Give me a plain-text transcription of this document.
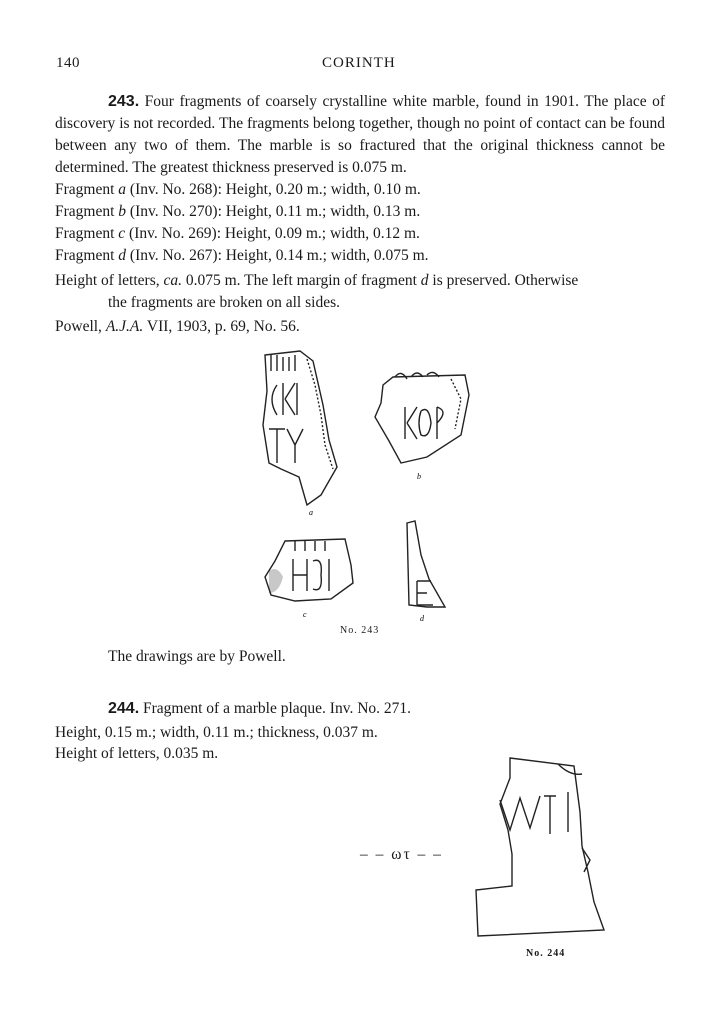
140	CORINTH
243. Four fragments of coarsely crystalline white marble, found in 1901. The place of discovery is not recorded. The fragments belong together, though no point of contact can be found between any two of them. The marble is so fractured that the original thickness cannot be determined. The greatest thickness preserved is 0.075 m.
Fragment a (Inv. No. 268): Height, 0.20 m.; width, 0.10 m.
Fragment b (Inv. No. 270): Height, 0.11 m.; width, 0.13 m.
Fragment c (Inv. No. 269): Height, 0.09 m.; width, 0.12 m.
Fragment d (Inv. No. 267): Height, 0.14 m.; width, 0.075 m.
Height of letters, ca. 0.075 m. The left margin of fragment d is preserved. Otherwise
the fragments are broken on all sides.
Powell, A.J.A. VII, 1903, p. 69, No. 56.
a
b
c	d
No. 243
The drawings are by Powell.
244. Fragment of a marble plaque. Inv. No. 271.
Height, 0.15 m.; width, 0.11 m.; thickness, 0.037 m.
Height of letters, 0.035 m.
– – ωτ – –
No. 244
